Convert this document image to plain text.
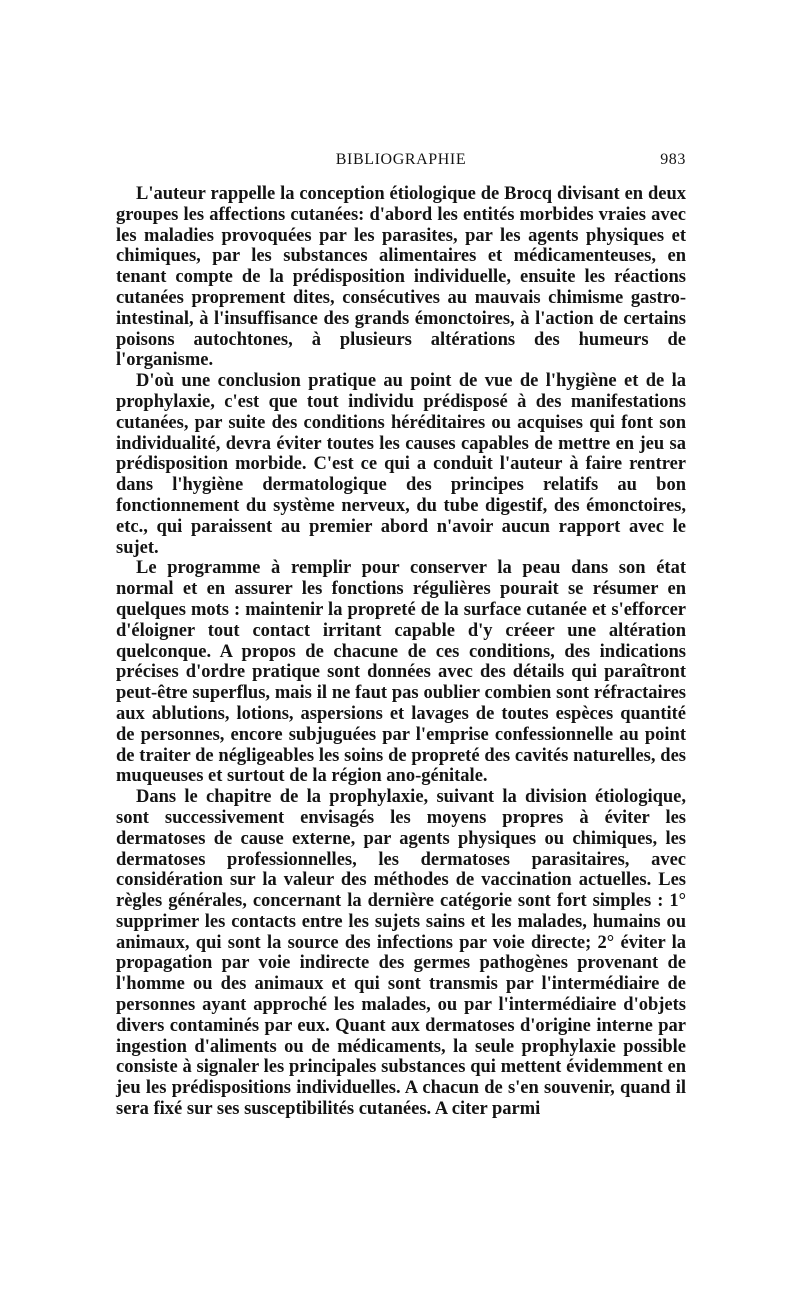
BIBLIOGRAPHIE	983

L'auteur rappelle la conception étiologique de Brocq divisant en deux groupes les affections cutanées: d'abord les entités morbides vraies avec les maladies provoquées par les parasites, par les agents physiques et chimiques, par les substances alimentaires et médicamenteuses, en tenant compte de la prédisposition individuelle, ensuite les réactions cutanées proprement dites, consécutives au mauvais chimisme gastro-intestinal, à l'insuffisance des grands émonctoires, à l'action de certains poisons autochtones, à plusieurs altérations des humeurs de l'organisme.

D'où une conclusion pratique au point de vue de l'hygiène et de la prophylaxie, c'est que tout individu prédisposé à des manifestations cutanées, par suite des conditions héréditaires ou acquises qui font son individualité, devra éviter toutes les causes capables de mettre en jeu sa prédisposition morbide. C'est ce qui a conduit l'auteur à faire rentrer dans l'hygiène dermatologique des principes relatifs au bon fonctionnement du système nerveux, du tube digestif, des émonctoires, etc., qui paraissent au premier abord n'avoir aucun rapport avec le sujet.

Le programme à remplir pour conserver la peau dans son état normal et en assurer les fonctions régulières pourait se résumer en quelques mots : maintenir la propreté de la surface cutanée et s'efforcer d'éloigner tout contact irritant capable d'y créeer une altération quelconque. A propos de chacune de ces conditions, des indications précises d'ordre pratique sont données avec des détails qui paraîtront peut-être superflus, mais il ne faut pas oublier combien sont réfractaires aux ablutions, lotions, aspersions et lavages de toutes espèces quantité de personnes, encore subjuguées par l'emprise confessionnelle au point de traiter de négligeables les soins de propreté des cavités naturelles, des muqueuses et surtout de la région ano-génitale.

Dans le chapitre de la prophylaxie, suivant la division étiologique, sont successivement envisagés les moyens propres à éviter les dermatoses de cause externe, par agents physiques ou chimiques, les dermatoses professionnelles, les dermatoses parasitaires, avec considération sur la valeur des méthodes de vaccination actuelles. Les règles générales, concernant la dernière catégorie sont fort simples : 1° supprimer les contacts entre les sujets sains et les malades, humains ou animaux, qui sont la source des infections par voie directe; 2° éviter la propagation par voie indirecte des germes pathogènes provenant de l'homme ou des animaux et qui sont transmis par l'intermédiaire de personnes ayant approché les malades, ou par l'intermédiaire d'objets divers contaminés par eux. Quant aux dermatoses d'origine interne par ingestion d'aliments ou de médicaments, la seule prophylaxie possible consiste à signaler les principales substances qui mettent évidemment en jeu les prédispositions individuelles. A chacun de s'en souvenir, quand il sera fixé sur ses susceptibilités cutanées. A citer parmi
